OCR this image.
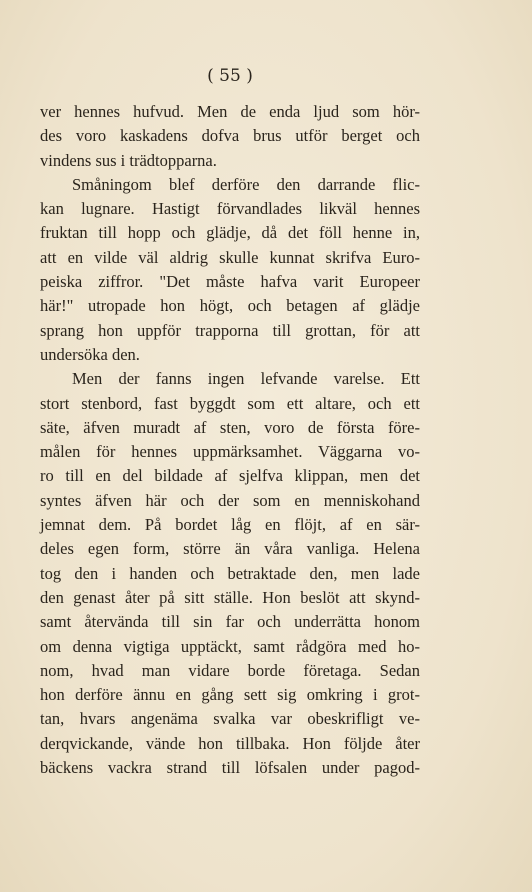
( 55 )
ver hennes hufvud. Men de enda ljud som hör-
des voro kaskadens dofva brus utför berget och
vindens sus i trädtopparna.
Småningom blef derföre den darrande flic-
kan lugnare. Hastigt förvandlades likväl hennes
fruktan till hopp och glädje, då det föll henne in,
att en vilde väl aldrig skulle kunnat skrifva Euro-
peiska ziffror. "Det måste hafva varit Europeer
här!" utropade hon högt, och betagen af glädje
sprang hon uppför trapporna till grottan, för att
undersöka den.
Men der fanns ingen lefvande varelse. Ett
stort stenbord, fast byggdt som ett altare, och ett
säte, äfven muradt af sten, voro de första före-
målen för hennes uppmärksamhet. Väggarna vo-
ro till en del bildade af sjelfva klippan, men det
syntes äfven här och der som en menniskohand
jemnat dem. På bordet låg en flöjt, af en sär-
deles egen form, större än våra vanliga. Helena
tog den i handen och betraktade den, men lade
den genast åter på sitt ställe. Hon beslöt att skynd-
samt återvända till sin far och underrätta honom
om denna vigtiga upptäckt, samt rådgöra med ho-
nom, hvad man vidare borde företaga. Sedan
hon derföre ännu en gång sett sig omkring i grot-
tan, hvars angenäma svalka var obeskrifligt ve-
derqvickande, vände hon tillbaka. Hon följde åter
bäckens vackra strand till löfsalen under pagod-
